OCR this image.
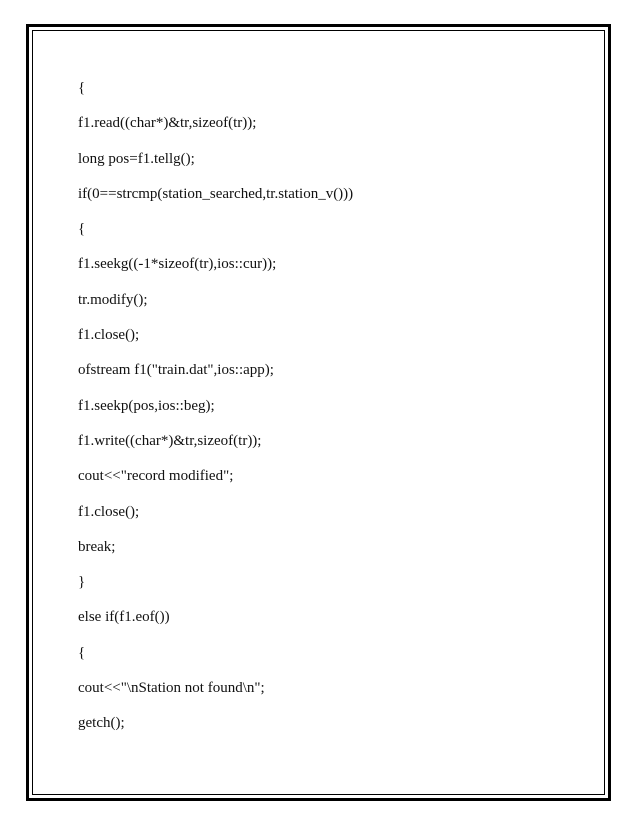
{
f1.read((char*)&tr,sizeof(tr));
long pos=f1.tellg();
if(0==strcmp(station_searched,tr.station_v()))
{
f1.seekg((-1*sizeof(tr),ios::cur));
tr.modify();
f1.close();
ofstream f1("train.dat",ios::app);
f1.seekp(pos,ios::beg);
f1.write((char*)&tr,sizeof(tr));
cout<<"record modified";
f1.close();
break;
}
else if(f1.eof())
{
cout<<"\nStation not found\n";
getch();
